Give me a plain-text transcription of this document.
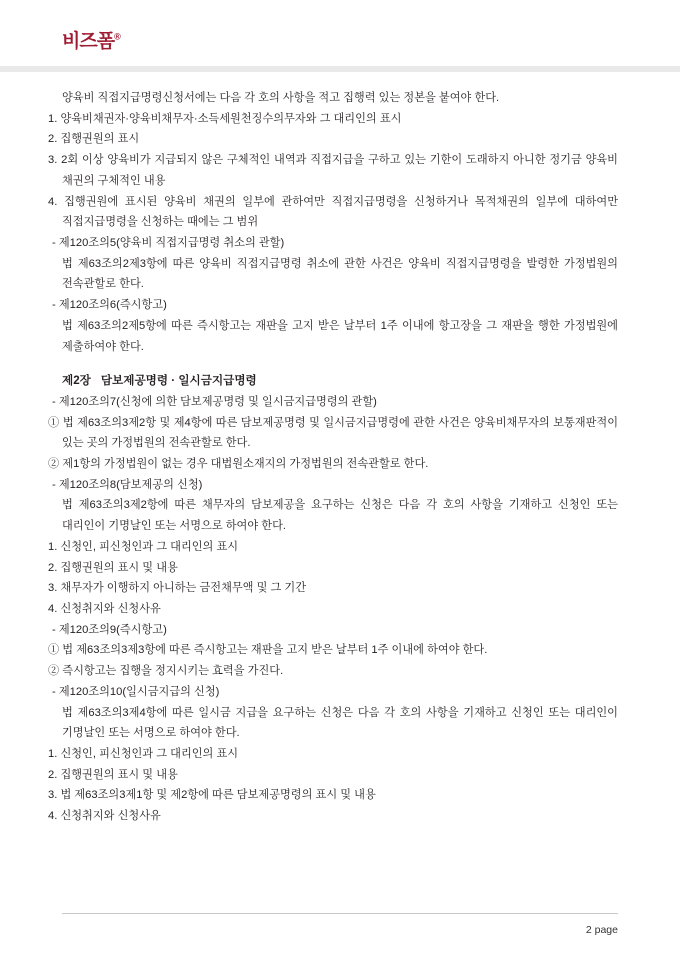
비즈폼®

양육비 직접지급명령신청서에는 다음 각 호의 사항을 적고 집행력 있는 정본을 붙여야 한다.

1. 양육비채권자·양육비채무자·소득세원천징수의무자와 그 대리인의 표시

2. 집행권원의 표시

3. 2회 이상 양육비가 지급되지 않은 구체적인 내역과 직접지급을 구하고 있는 기한이 도래하지 아니한 정기금 양육비 채권의 구체적인 내용

4. 집행권원에 표시된 양육비 채권의 일부에 관하여만 직접지급명령을 신청하거나 목적채권의 일부에 대하여만 직접지급명령을 신청하는 때에는 그 범위

- 제120조의5(양육비 직접지급명령 취소의 관할)

법 제63조의2제3항에 따른 양육비 직접지급명령 취소에 관한 사건은 양육비 직접지급명령을 발령한 가정법원의 전속관할로 한다.

- 제120조의6(즉시항고)

법 제63조의2제5항에 따른 즉시항고는 재판을 고지 받은 날부터 1주 이내에 항고장을 그 재판을 행한 가정법원에 제출하여야 한다.

제2장 담보제공명령 · 일시금지급명령

- 제120조의7(신청에 의한 담보제공명령 및 일시금지급명령의 관할)

① 법 제63조의3제2항 및 제4항에 따른 담보제공명령 및 일시금지급명령에 관한 사건은 양육비채무자의 보통재판적이 있는 곳의 가정법원의 전속관할로 한다.

② 제1항의 가정법원이 없는 경우 대법원소재지의 가정법원의 전속관할로 한다.

- 제120조의8(담보제공의 신청)

법 제63조의3제2항에 따른 채무자의 담보제공을 요구하는 신청은 다음 각 호의 사항을 기재하고 신청인 또는 대리인이 기명날인 또는 서명으로 하여야 한다.

1. 신청인, 피신청인과 그 대리인의 표시

2. 집행권원의 표시 및 내용

3. 채무자가 이행하지 아니하는 금전채무액 및 그 기간

4. 신청취지와 신청사유

- 제120조의9(즉시항고)

① 법 제63조의3제3항에 따른 즉시항고는 재판을 고지 받은 날부터 1주 이내에 하여야 한다.

② 즉시항고는 집행을 정지시키는 효력을 가진다.

- 제120조의10(일시금지급의 신청)

법 제63조의3제4항에 따른 일시금 지급을 요구하는 신청은 다음 각 호의 사항을 기재하고 신청인 또는 대리인이 기명날인 또는 서명으로 하여야 한다.

1. 신청인, 피신청인과 그 대리인의 표시

2. 집행권원의 표시 및 내용

3. 법 제63조의3제1항 및 제2항에 따른 담보제공명령의 표시 및 내용

4. 신청취지와 신청사유

2 page
